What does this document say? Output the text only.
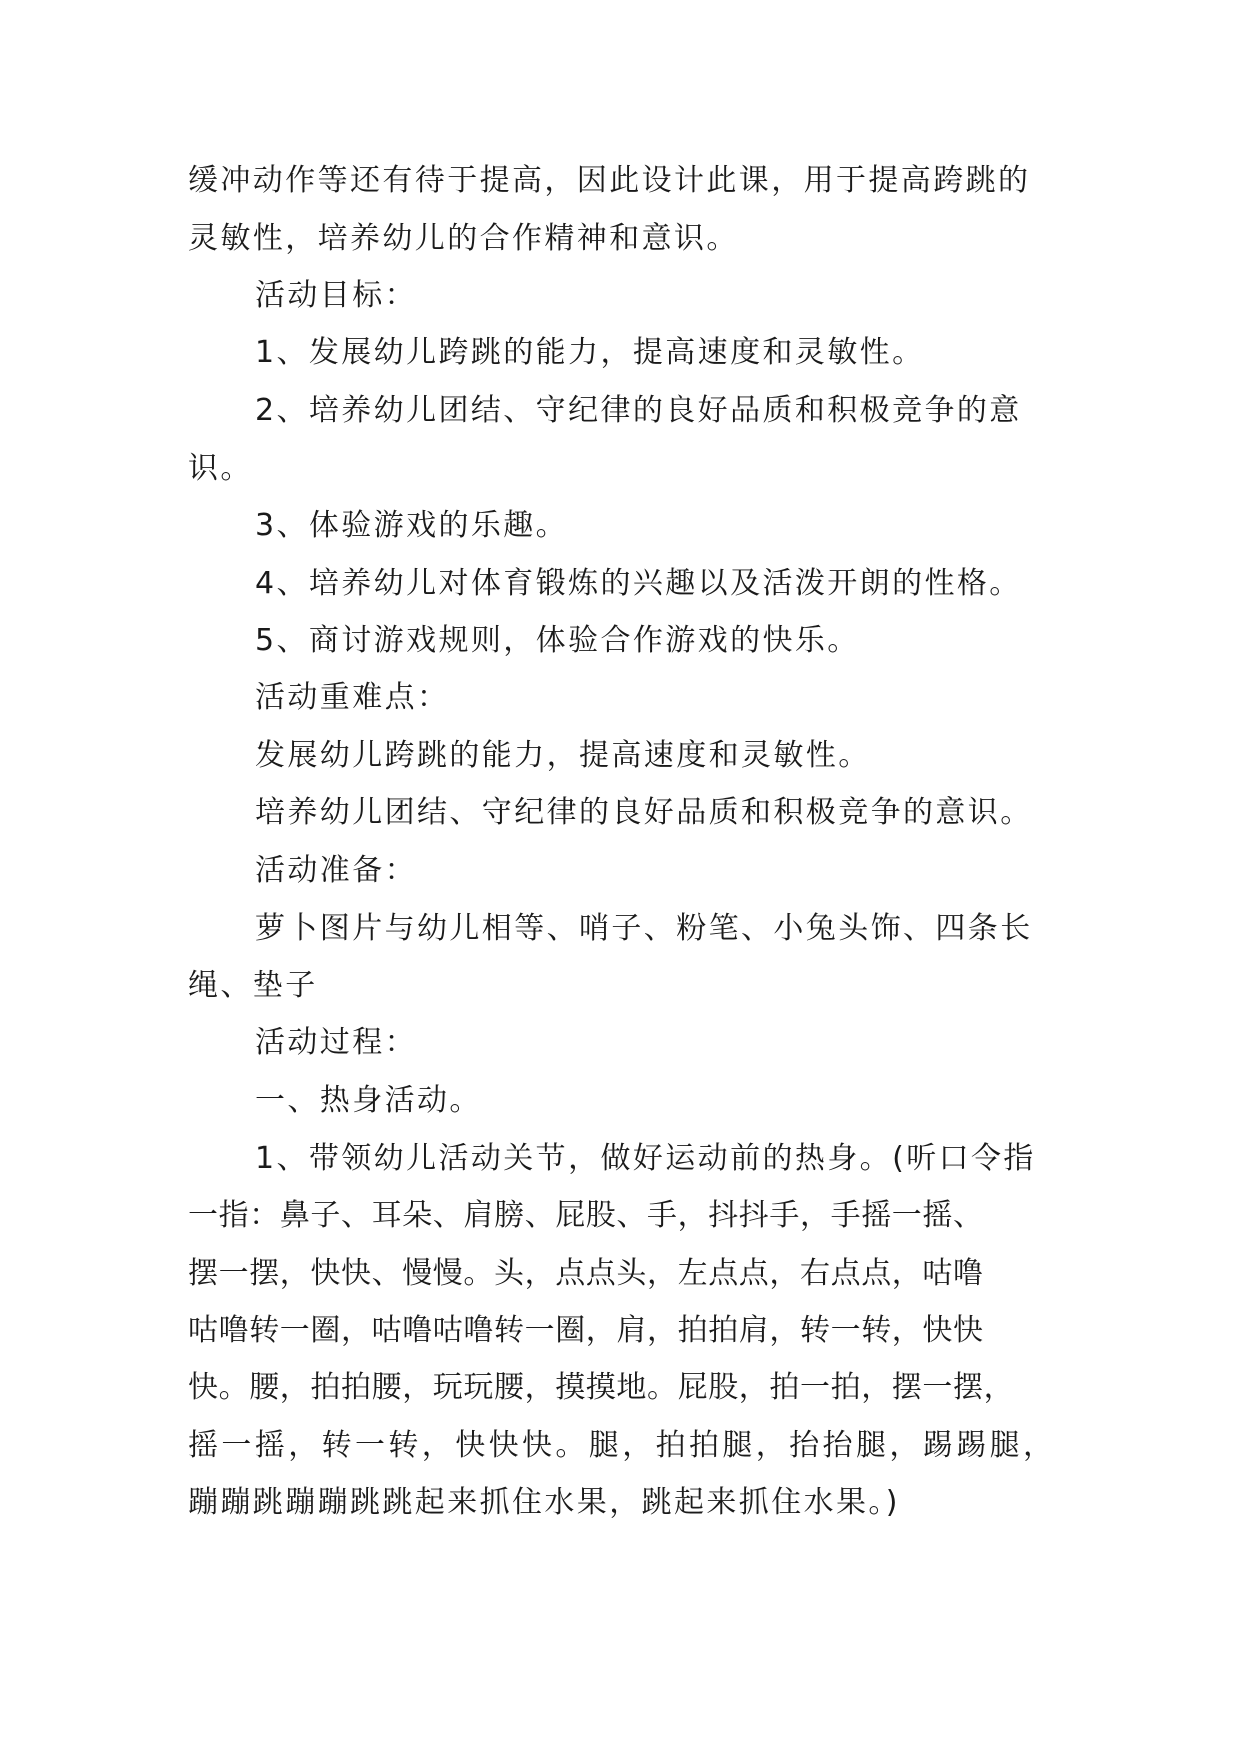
缓冲动作等还有待于提高，因此设计此课，用于提高跨跳的
灵敏性，培养幼儿的合作精神和意识。
活动目标：
1、发展幼儿跨跳的能力，提高速度和灵敏性。
2、培养幼儿团结、守纪律的良好品质和积极竞争的意
识。
3、体验游戏的乐趣。
4、培养幼儿对体育锻炼的兴趣以及活泼开朗的性格。
5、商讨游戏规则，体验合作游戏的快乐。
活动重难点：
发展幼儿跨跳的能力，提高速度和灵敏性。
培养幼儿团结、守纪律的良好品质和积极竞争的意识。
活动准备：
萝卜图片与幼儿相等、哨子、粉笔、小兔头饰、四条长
绳、垫子
活动过程：
一、热身活动。
1、带领幼儿活动关节，做好运动前的热身。(听口令指
一指：鼻子、耳朵、肩膀、屁股、手，抖抖手，手摇一摇、
摆一摆，快快、慢慢。头，点点头，左点点，右点点，咕噜
咕噜转一圈，咕噜咕噜转一圈，肩，拍拍肩，转一转，快快
快。腰，拍拍腰，玩玩腰，摸摸地。屁股，拍一拍，摆一摆，
摇一摇，转一转，快快快。腿，拍拍腿，抬抬腿，踢踢腿，
蹦蹦跳蹦蹦跳跳起来抓住水果，跳起来抓住水果。)
